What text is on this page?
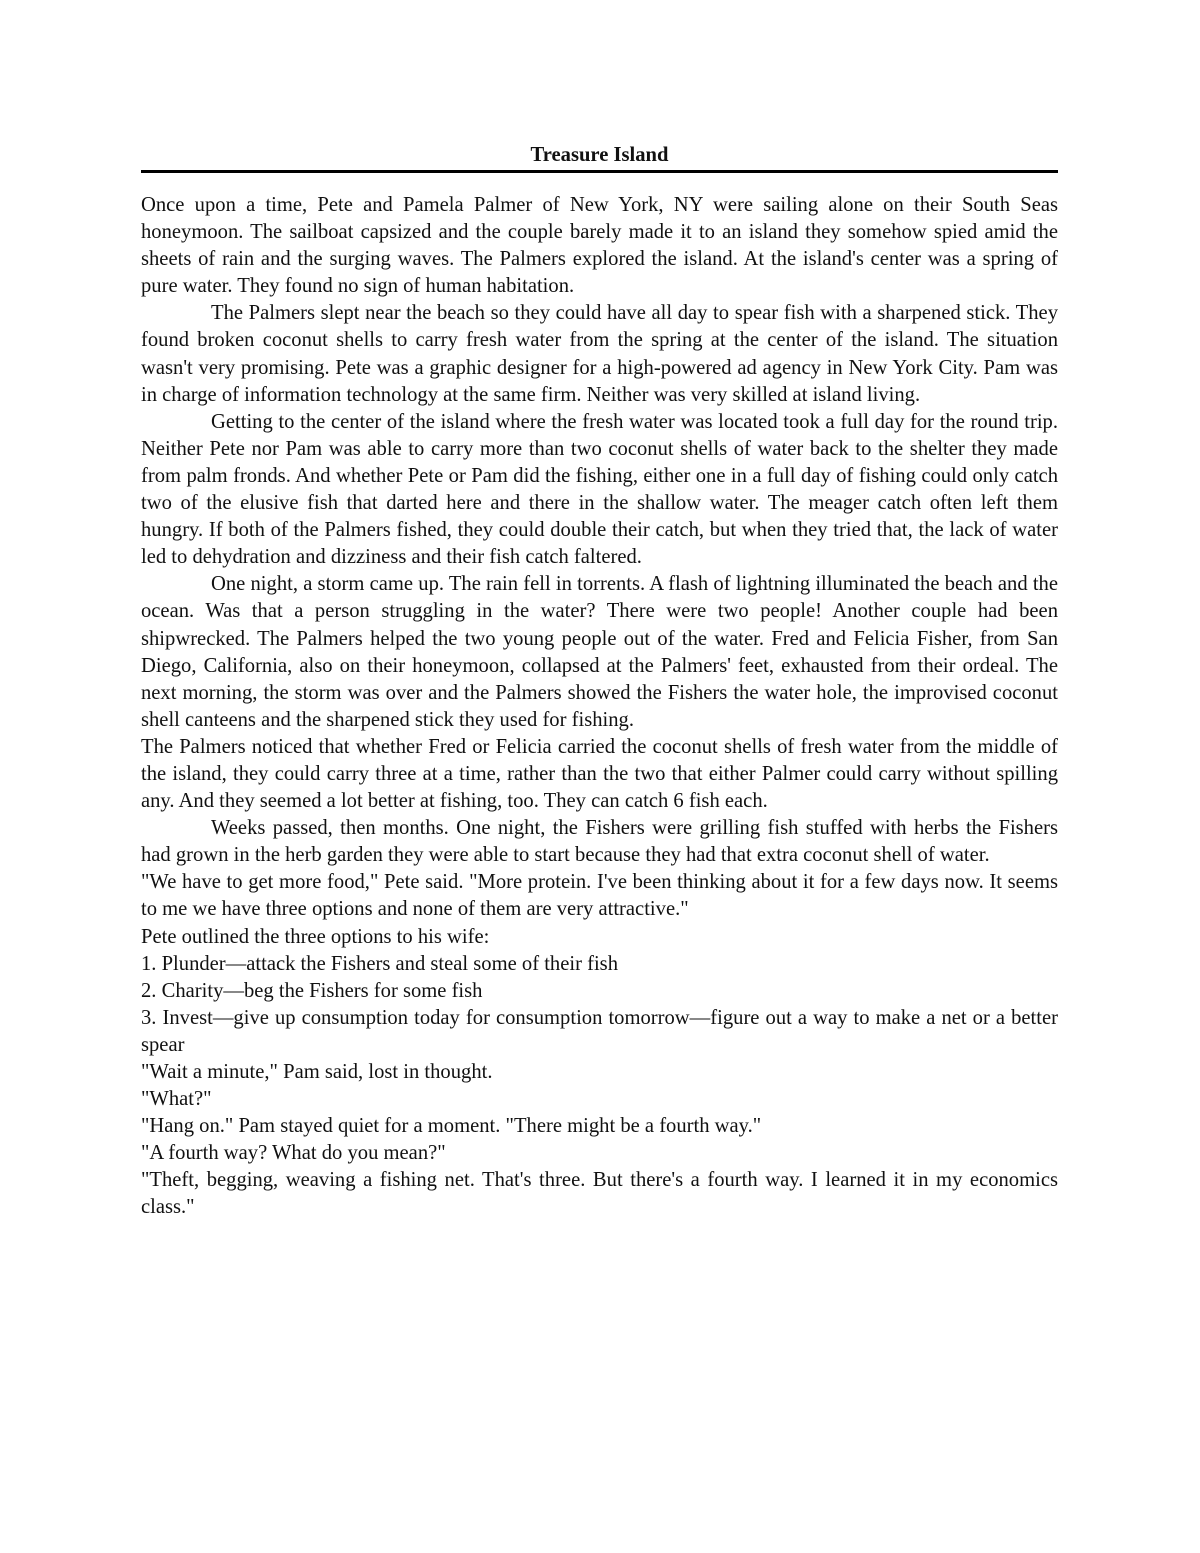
Treasure Island

Once upon a time, Pete and Pamela Palmer of New York, NY were sailing alone on their South Seas honeymoon. The sailboat capsized and the couple barely made it to an island they somehow spied amid the sheets of rain and the surging waves. The Palmers explored the island. At the island's center was a spring of pure water. They found no sign of human habitation.

The Palmers slept near the beach so they could have all day to spear fish with a sharpened stick. They found broken coconut shells to carry fresh water from the spring at the center of the island. The situation wasn't very promising. Pete was a graphic designer for a high-powered ad agency in New York City. Pam was in charge of information technology at the same firm. Neither was very skilled at island living.

Getting to the center of the island where the fresh water was located took a full day for the round trip. Neither Pete nor Pam was able to carry more than two coconut shells of water back to the shelter they made from palm fronds. And whether Pete or Pam did the fishing, either one in a full day of fishing could only catch two of the elusive fish that darted here and there in the shallow water. The meager catch often left them hungry. If both of the Palmers fished, they could double their catch, but when they tried that, the lack of water led to dehydration and dizziness and their fish catch faltered.

One night, a storm came up. The rain fell in torrents. A flash of lightning illuminated the beach and the ocean. Was that a person struggling in the water? There were two people! Another couple had been shipwrecked. The Palmers helped the two young people out of the water. Fred and Felicia Fisher, from San Diego, California, also on their honeymoon, collapsed at the Palmers' feet, exhausted from their ordeal. The next morning, the storm was over and the Palmers showed the Fishers the water hole, the improvised coconut shell canteens and the sharpened stick they used for fishing.

The Palmers noticed that whether Fred or Felicia carried the coconut shells of fresh water from the middle of the island, they could carry three at a time, rather than the two that either Palmer could carry without spilling any. And they seemed a lot better at fishing, too. They can catch 6 fish each.

Weeks passed, then months. One night, the Fishers were grilling fish stuffed with herbs the Fishers had grown in the herb garden they were able to start because they had that extra coconut shell of water.

"We have to get more food," Pete said. "More protein. I've been thinking about it for a few days now. It seems to me we have three options and none of them are very attractive."

Pete outlined the three options to his wife:

1. Plunder—attack the Fishers and steal some of their fish

2. Charity—beg the Fishers for some fish

3. Invest—give up consumption today for consumption tomorrow—figure out a way to make a net or a better spear

"Wait a minute," Pam said, lost in thought.

"What?"

"Hang on." Pam stayed quiet for a moment. "There might be a fourth way."

"A fourth way? What do you mean?"

"Theft, begging, weaving a fishing net. That's three. But there's a fourth way. I learned it in my economics class."
